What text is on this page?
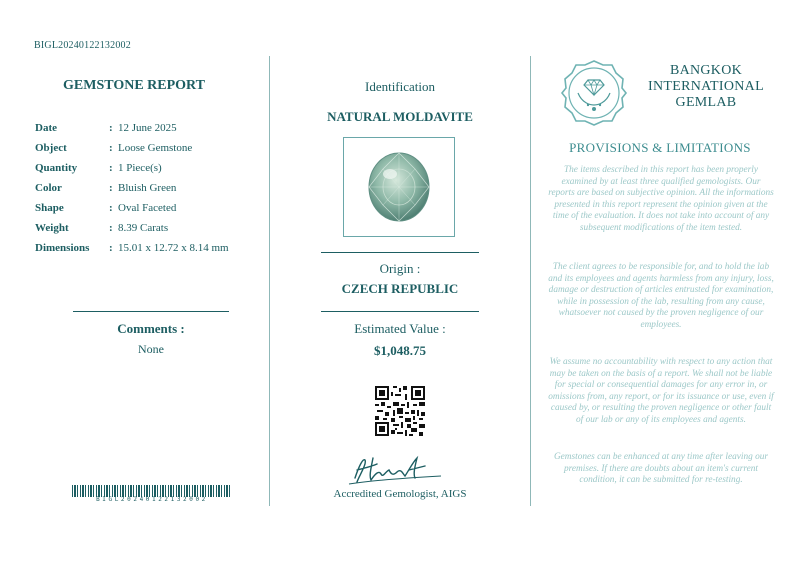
BIGL20240122132002
GEMSTONE REPORT
Date	: 12 June 2025
Object	: Loose Gemstone
Quantity	: 1 Piece(s)
Color	: Bluish Green
Shape	: Oval Faceted
Weight	: 8.39 Carats
Dimensions : 15.01 x 12.72 x 8.14 mm
Comments :
None
BIGL20240122132002
Identification
NATURAL MOLDAVITE
Origin :
CZECH REPUBLIC
Estimated Value :
$1,048.75
Accredited Gemologist, AIGS
BANGKOK
INTERNATIONAL
GEMLAB
PROVISIONS & LIMITATIONS
The items described in this report has been properly examined by at least three qualified gemologists. Our reports are based on subjective opinion. All the informations presented in this report represent the opinion given at the time of the evaluation. It does not take into account of any subsequent modifications of the item tested.
The client agrees to be responsible for, and to hold the lab and its employees and agents harmless from any injury, loss, damage or destruction of articles entrusted for examination, while in possession of the lab, resulting from any cause, whatsoever not caused by the proven negligence of our employees.
We assume no accountability with respect to any action that may be taken on the basis of a report. We shall not be liable for special or consequential damages for any error in, or omissions from, any report, or for its issuance or use, even if caused by, or resulting the proven negligence or other fault of our lab or any of its employees and agents.
Gemstones can be enhanced at any time after leaving our premises. If there are doubts about an item's current condition, it can be submitted for re-testing.
